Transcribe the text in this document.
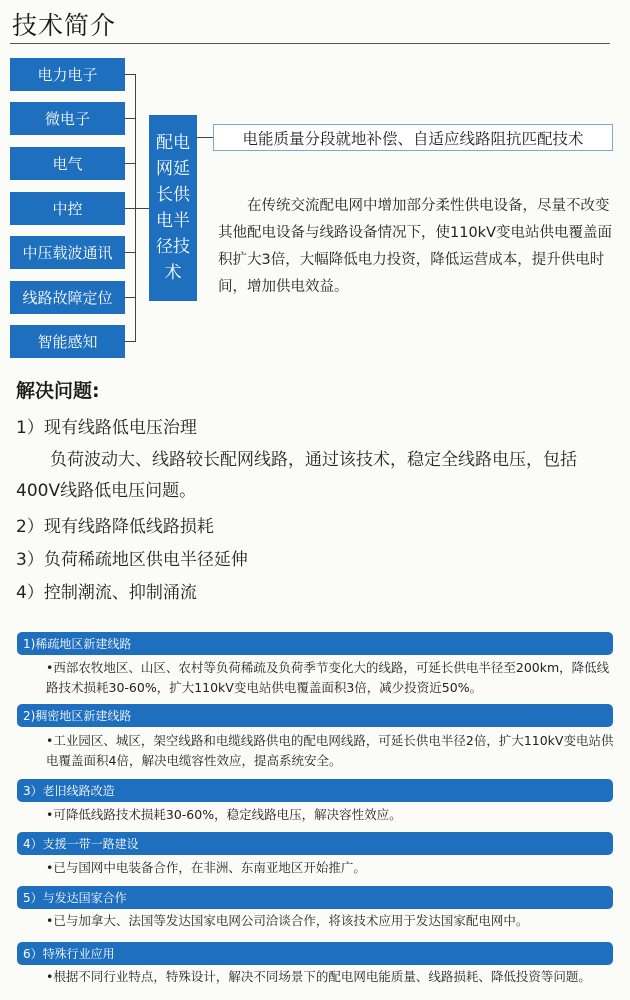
技术简介
电力电子
微电子
电气
中控
中压载波通讯
线路故障定位
智能感知
配电
网延
长供
电半
径技
术
电能质量分段就地补偿、自适应线路阻抗匹配技术
在传统交流配电网中增加部分柔性供电设备，尽量不改变其他配电设备与线路设备情况下，使110kV变电站供电覆盖面积扩大3倍，大幅降低电力投资，降低运营成本，提升供电时间，增加供电效益。
解决问题:
1）现有线路低电压治理
负荷波动大、线路较长配网线路，通过该技术，稳定全线路电压，包括400V线路低电压问题。
2）现有线路降低线路损耗
3）负荷稀疏地区供电半径延伸
4）控制潮流、抑制涌流
1)稀疏地区新建线路
•西部农牧地区、山区、农村等负荷稀疏及负荷季节变化大的线路，可延长供电半径至200km，降低线路技术损耗30-60%，扩大110kV变电站供电覆盖面积3倍，减少投资近50%。
2)稠密地区新建线路
•工业园区、城区，架空线路和电缆线路供电的配电网线路，可延长供电半径2倍，扩大110kV变电站供电覆盖面积4倍，解决电缆容性效应，提高系统安全。
3）老旧线路改造
•可降低线路技术损耗30-60%，稳定线路电压，解决容性效应。
4）支援一带一路建设
•已与国网中电装备合作，在非洲、东南亚地区开始推广。
5）与发达国家合作
•已与加拿大、法国等发达国家电网公司洽谈合作，将该技术应用于发达国家配电网中。
6）特殊行业应用
•根据不同行业特点，特殊设计，解决不同场景下的配电网电能质量、线路损耗、降低投资等问题。
